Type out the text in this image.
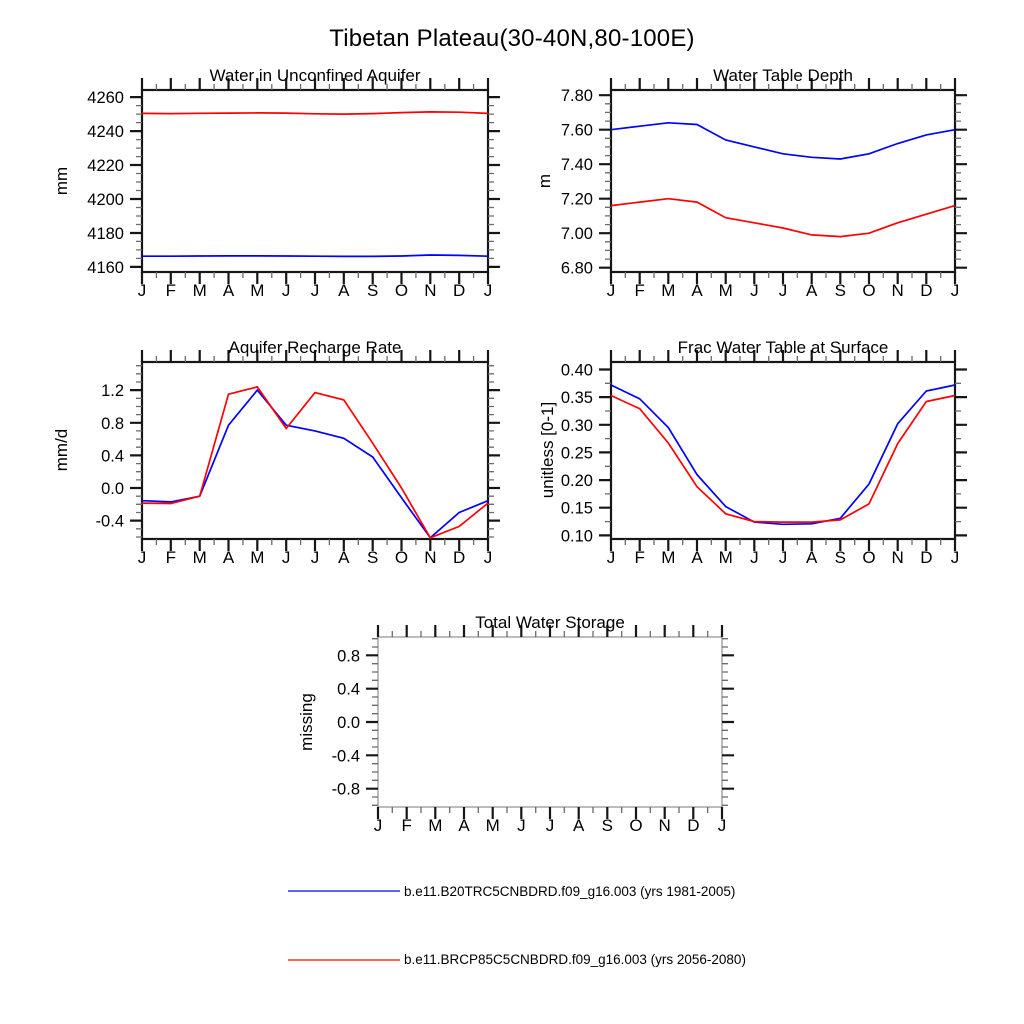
Tibetan Plateau(30-40N,80-100E)
4160
4180
4200
4220
4240
4260
J F M A M J J A S O N D J
6.80
7.00
7.20
7.40
7.60
7.80
J F M A M J J A S O N D J
-0.4
0.0
0.4
0.8
1.2
J F M A M J J A S O N D J
0.10
0.15
0.20
0.25
0.30
0.35
0.40
J F M A M J J A S O N D J
-0.8
-0.4
0.0
0.4
0.8
J F M A M J J A S O N D J
Water in Unconfined Aquifer	Water Table Depth
Aquifer Recharge Rate	Frac Water Table at Surface
Total Water Storage
mm	m
mm/d	unitless [0-1]
missing
b.e11.B20TRC5CNBDRD.f09_g16.003 (yrs 1981-2005)
b.e11.BRCP85C5CNBDRD.f09_g16.003 (yrs 2056-2080)
